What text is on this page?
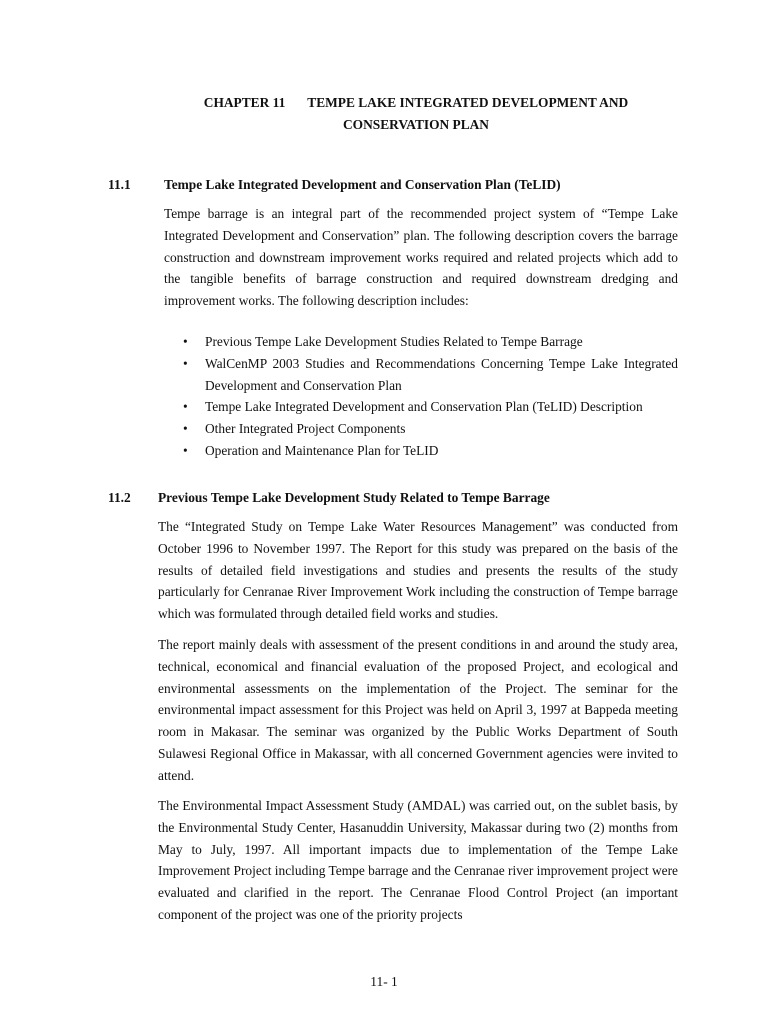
CHAPTER 11 TEMPE LAKE INTEGRATED DEVELOPMENT AND
CONSERVATION PLAN
11.1 Tempe Lake Integrated Development and Conservation Plan (TeLID)

Tempe barrage is an integral part of the recommended project system of “Tempe Lake Integrated Development and Conservation” plan. The following description covers the barrage construction and downstream improvement works required and related projects which add to the tangible benefits of barrage construction and required downstream dredging and improvement works. The following description includes:

• Previous Tempe Lake Development Studies Related to Tempe Barrage
• WalCenMP 2003 Studies and Recommendations Concerning Tempe Lake Integrated Development and Conservation Plan
• Tempe Lake Integrated Development and Conservation Plan (TeLID) Description
• Other Integrated Project Components
• Operation and Maintenance Plan for TeLID
11.2 Previous Tempe Lake Development Study Related to Tempe Barrage

The “Integrated Study on Tempe Lake Water Resources Management” was conducted from October 1996 to November 1997. The Report for this study was prepared on the basis of the results of detailed field investigations and studies and presents the results of the study particularly for Cenranae River Improvement Work including the construction of Tempe barrage which was formulated through detailed field works and studies.

The report mainly deals with assessment of the present conditions in and around the study area, technical, economical and financial evaluation of the proposed Project, and ecological and environmental assessments on the implementation of the Project. The seminar for the environmental impact assessment for this Project was held on April 3, 1997 at Bappeda meeting room in Makasar. The seminar was organized by the Public Works Department of South Sulawesi Regional Office in Makassar, with all concerned Government agencies were invited to attend.

The Environmental Impact Assessment Study (AMDAL) was carried out, on the sublet basis, by the Environmental Study Center, Hasanuddin University, Makassar during two (2) months from May to July, 1997. All important impacts due to implementation of the Tempe Lake Improvement Project including Tempe barrage and the Cenranae river improvement project were evaluated and clarified in the report. The Cenranae Flood Control Project (an important component of the project was one of the priority projects

11- 1
